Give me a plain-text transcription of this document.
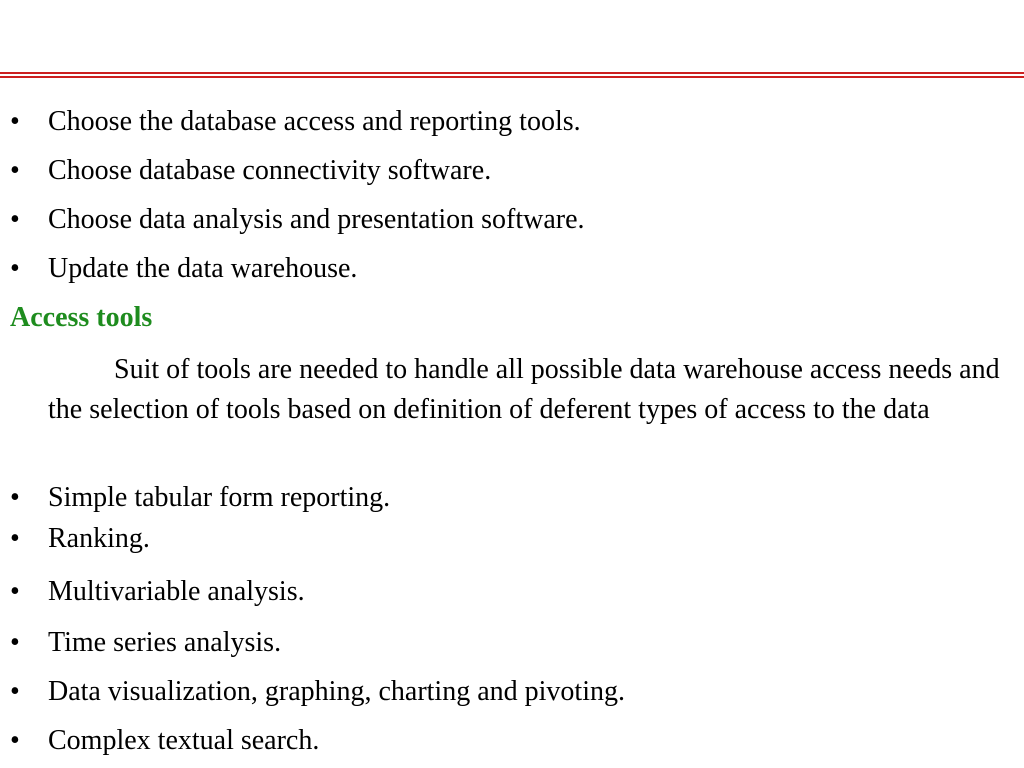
•	Choose the database access and reporting tools.
•	Choose database connectivity software.
•	Choose data analysis and presentation software.
•	Update the data warehouse.
Access tools
Suit of tools are needed to handle all possible data warehouse access needs and the selection of tools based on definition of deferent types of access to the data
•	Simple tabular form reporting.
•	Ranking.
•	Multivariable analysis.
•	Time series analysis.
•	Data visualization, graphing, charting and pivoting.
•	Complex textual search.
